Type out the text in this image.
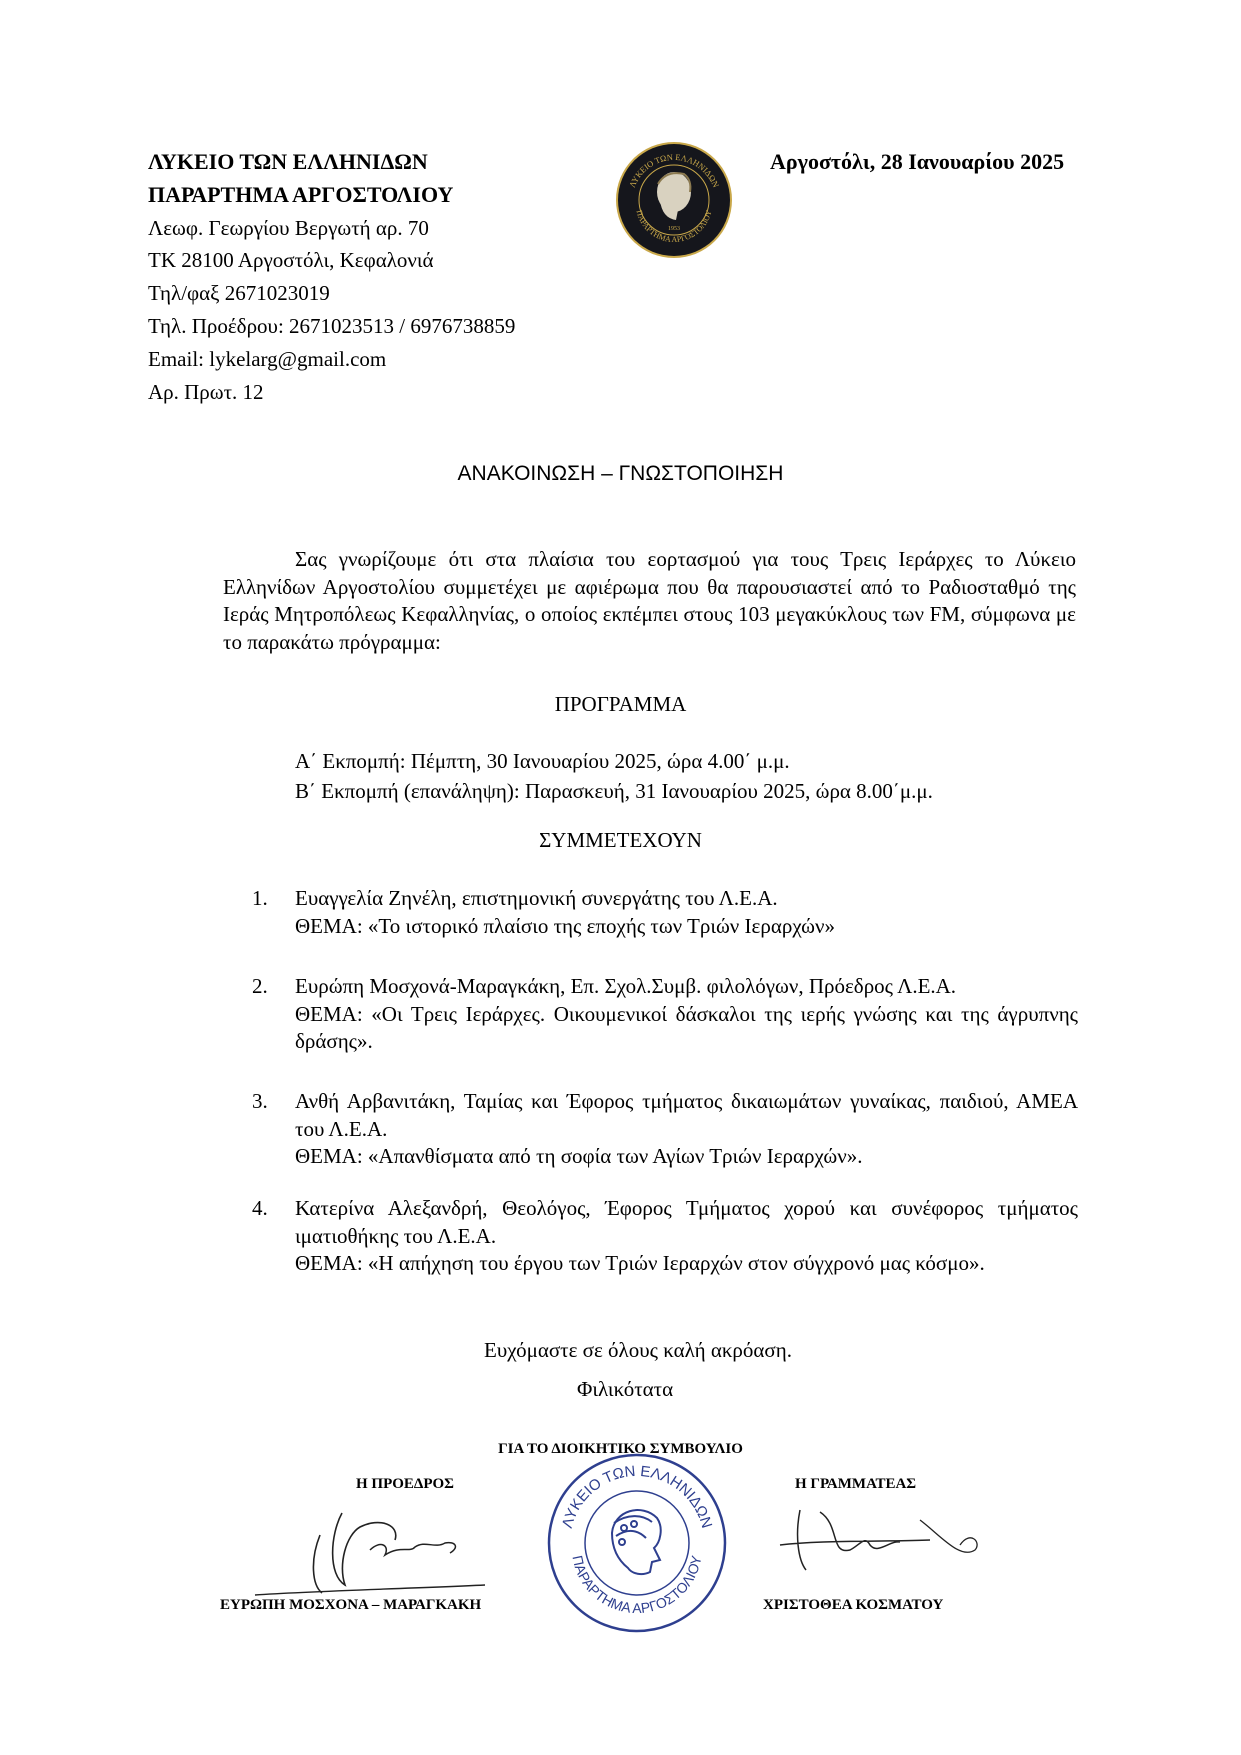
ΛΥΚΕΙΟ ΤΩΝ ΕΛΛΗΝΙΔΩΝ
ΠΑΡΑΡΤΗΜΑ ΑΡΓΟΣΤΟΛΙΟΥ
Λεωφ. Γεωργίου Βεργωτή αρ. 70
ΤΚ 28100 Αργοστόλι, Κεφαλονιά
Τηλ/φαξ 2671023019
Τηλ. Προέδρου: 2671023513 / 6976738859
Email: lykelarg@gmail.com
Αρ. Πρωτ. 12
ΛΥΚΕΙΟ ΤΩΝ ΕΛΛΗΝΙΔΩΝ
ΠΑΡΑΡΤΗΜΑ ΑΡΓΟΣΤΟΛΙΟΥ
1953
Αργοστόλι, 28 Ιανουαρίου 2025
ΑΝΑΚΟΙΝΩΣΗ – ΓΝΩΣΤΟΠΟΙΗΣΗ
Σας γνωρίζουμε ότι στα πλαίσια του εορτασμού για τους Τρεις Ιεράρχες το Λύκειο Ελληνίδων Αργοστολίου συμμετέχει με αφιέρωμα που θα παρουσιαστεί από το Ραδιοσταθμό της Ιεράς Μητροπόλεως Κεφαλληνίας, ο οποίος εκπέμπει στους 103 μεγακύκλους των FM, σύμφωνα με το παρακάτω πρόγραμμα:
ΠΡΟΓΡΑΜΜΑ
Α΄ Εκπομπή: Πέμπτη, 30 Ιανουαρίου 2025, ώρα 4.00΄ μ.μ.
Β΄ Εκπομπή (επανάληψη): Παρασκευή, 31 Ιανουαρίου 2025, ώρα 8.00΄μ.μ.
ΣΥΜΜΕΤΕΧΟΥΝ
1.	Ευαγγελία Ζηνέλη, επιστημονική συνεργάτης του Λ.Ε.Α.
ΘΕΜΑ: «Το ιστορικό πλαίσιο της εποχής των Τριών Ιεραρχών»
2.	Ευρώπη Μοσχονά-Μαραγκάκη, Επ. Σχολ.Συμβ. φιλολόγων, Πρόεδρος Λ.Ε.Α.
ΘΕΜΑ: «Οι Τρεις Ιεράρχες. Οικουμενικοί δάσκαλοι της ιερής γνώσης και της άγρυπνης δράσης».
3.	Ανθή Αρβανιτάκη, Ταμίας και Έφορος τμήματος δικαιωμάτων γυναίκας, παιδιού, ΑΜΕΑ του Λ.Ε.Α.
ΘΕΜΑ: «Απανθίσματα από τη σοφία των Αγίων Τριών Ιεραρχών».
4.	Κατερίνα Αλεξανδρή, Θεολόγος, Έφορος Τμήματος χορού και συνέφορος τμήματος ιματιοθήκης του Λ.Ε.Α.
ΘΕΜΑ: «Η απήχηση του έργου των Τριών Ιεραρχών στον σύγχρονό μας κόσμο».
Ευχόμαστε σε όλους καλή ακρόαση.
Φιλικότατα
ΓΙΑ ΤΟ ΔΙΟΙΚΗΤΙΚΟ ΣΥΜΒΟΥΛΙΟ
Η ΠΡΟΕΔΡΟΣ	Η ΓΡΑΜΜΑΤΕΑΣ
ΛΥΚΕΙΟ ΤΩΝ ΕΛΛΗΝΙΔΩΝ
ΠΑΡΑΡΤΗΜΑ ΑΡΓΟΣΤΟΛΙΟΥ
ΕΥΡΩΠΗ ΜΟΣΧΟΝΑ – ΜΑΡΑΓΚΑΚΗ	ΧΡΙΣΤΟΘΕΑ ΚΟΣΜΑΤΟΥ
